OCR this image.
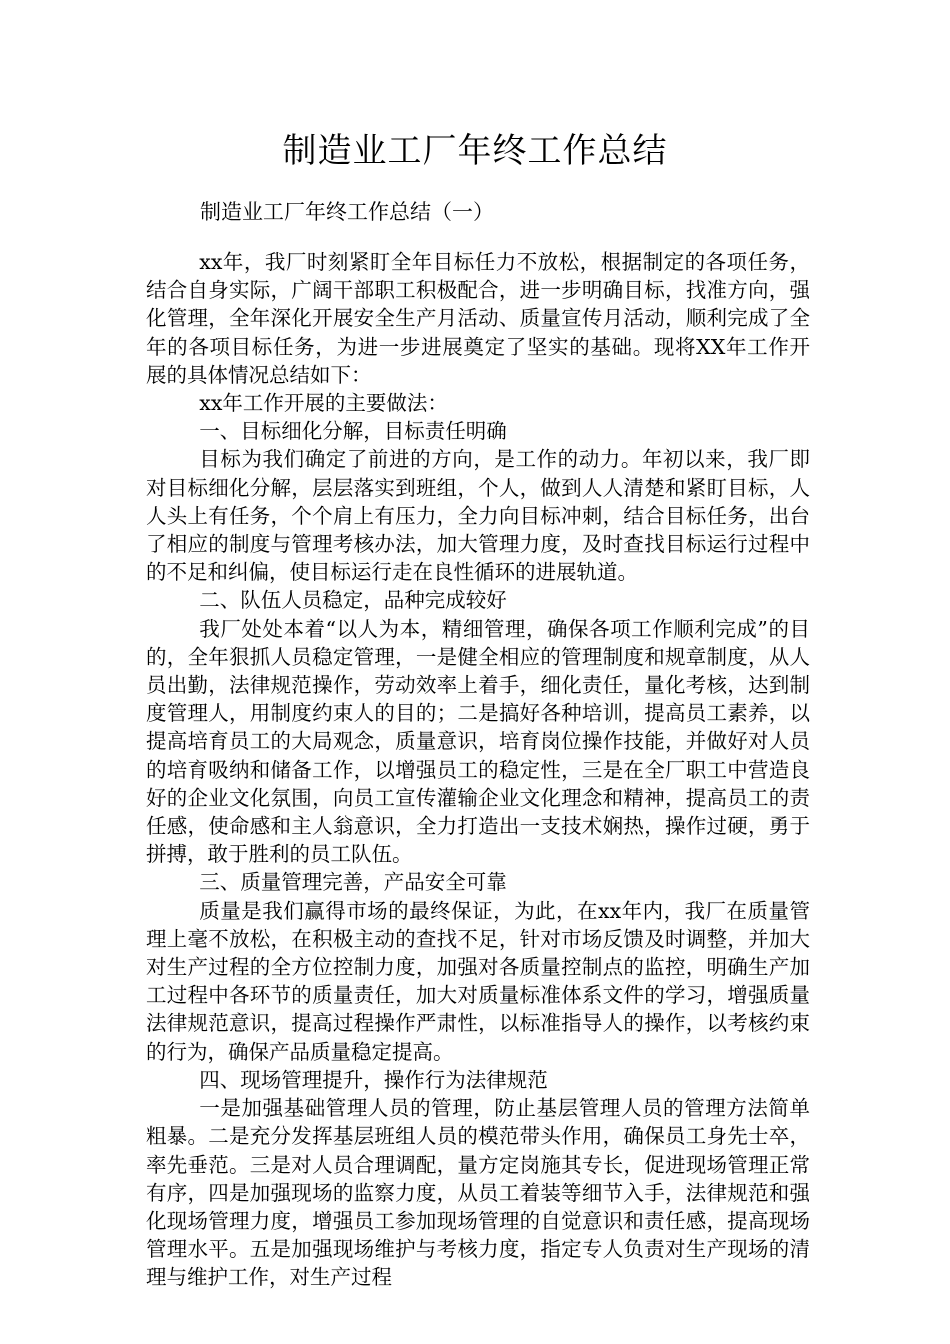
制造业工厂年终工作总结
制造业工厂年终工作总结（一）

xx年，我厂时刻紧盯全年目标任力不放松，根据制定的各项任务，结合自身实际，广阔干部职工积极配合，进一步明确目标，找准方向，强化管理，全年深化开展安全生产月活动、质量宣传月活动，顺利完成了全年的各项目标任务，为进一步进展奠定了坚实的基础。现将XX年工作开展的具体情况总结如下：

xx年工作开展的主要做法：

一、目标细化分解，目标责任明确

目标为我们确定了前进的方向，是工作的动力。年初以来，我厂即对目标细化分解，层层落实到班组，个人，做到人人清楚和紧盯目标，人人头上有任务，个个肩上有压力，全力向目标冲刺，结合目标任务，出台了相应的制度与管理考核办法，加大管理力度，及时查找目标运行过程中的不足和纠偏，使目标运行走在良性循环的进展轨道。

二、队伍人员稳定，品种完成较好

我厂处处本着“以人为本，精细管理，确保各项工作顺利完成”的目的，全年狠抓人员稳定管理，一是健全相应的管理制度和规章制度，从人员出勤，法律规范操作，劳动效率上着手，细化责任，量化考核，达到制度管理人，用制度约束人的目的；二是搞好各种培训，提高员工素养，以提高培育员工的大局观念，质量意识，培育岗位操作技能，并做好对人员的培育吸纳和储备工作，以增强员工的稳定性，三是在全厂职工中营造良好的企业文化氛围，向员工宣传灌输企业文化理念和精神，提高员工的责任感，使命感和主人翁意识，全力打造出一支技术娴热，操作过硬，勇于拼搏，敢于胜利的员工队伍。

三、质量管理完善，产品安全可靠

质量是我们赢得市场的最终保证，为此，在xx年内，我厂在质量管理上毫不放松，在积极主动的查找不足，针对市场反馈及时调整，并加大对生产过程的全方位控制力度，加强对各质量控制点的监控，明确生产加工过程中各环节的质量责任，加大对质量标准体系文件的学习，增强质量法律规范意识，提高过程操作严肃性，以标准指导人的操作，以考核约束的行为，确保产品质量稳定提高。

四、现场管理提升，操作行为法律规范

一是加强基础管理人员的管理，防止基层管理人员的管理方法简单粗暴。二是充分发挥基层班组人员的模范带头作用，确保员工身先士卒，率先垂范。三是对人员合理调配，量方定岗施其专长，促进现场管理正常有序，四是加强现场的监察力度，从员工着装等细节入手，法律规范和强化现场管理力度，增强员工参加现场管理的自觉意识和责任感，提高现场管理水平。五是加强现场维护与考核力度，指定专人负责对生产现场的清理与维护工作，对生产过程
